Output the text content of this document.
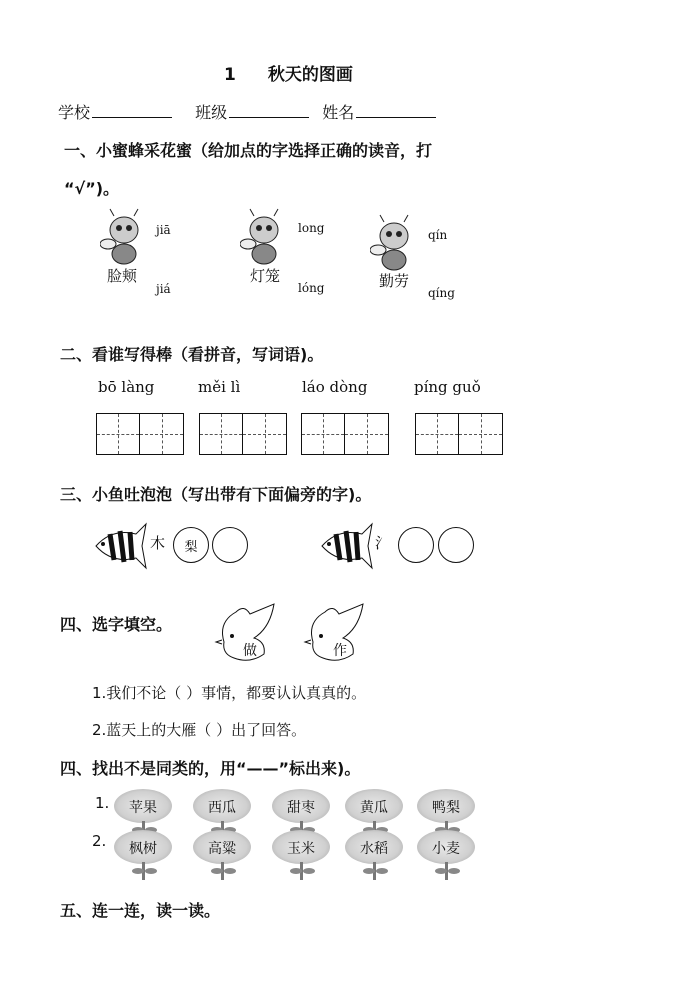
1 秋天的图画
学校	班级	姓名
一、小蜜蜂采花蜜（给加点的字选择正确的读音，打
“√”)。
脸颊	灯笼	勤劳
jiā
jiá
long
lóng
qín
qíng
二、看谁写得棒（看拼音，写词语)。
bō làng	měi lì	láo dòng	píng guǒ
三、小鱼吐泡泡（写出带有下面偏旁的字)。
木 梨	氵
四、选字填空。
做	作
1.我们不论（ ）事情，都要认认真真的。
2.蓝天上的大雁（ ）出了回答。
四、找出不是同类的，用“——”标出来)。
1.
2.
苹果	西瓜	甜枣	黄瓜	鸭梨
枫树	高粱	玉米	水稻	小麦
五、连一连，读一读。
